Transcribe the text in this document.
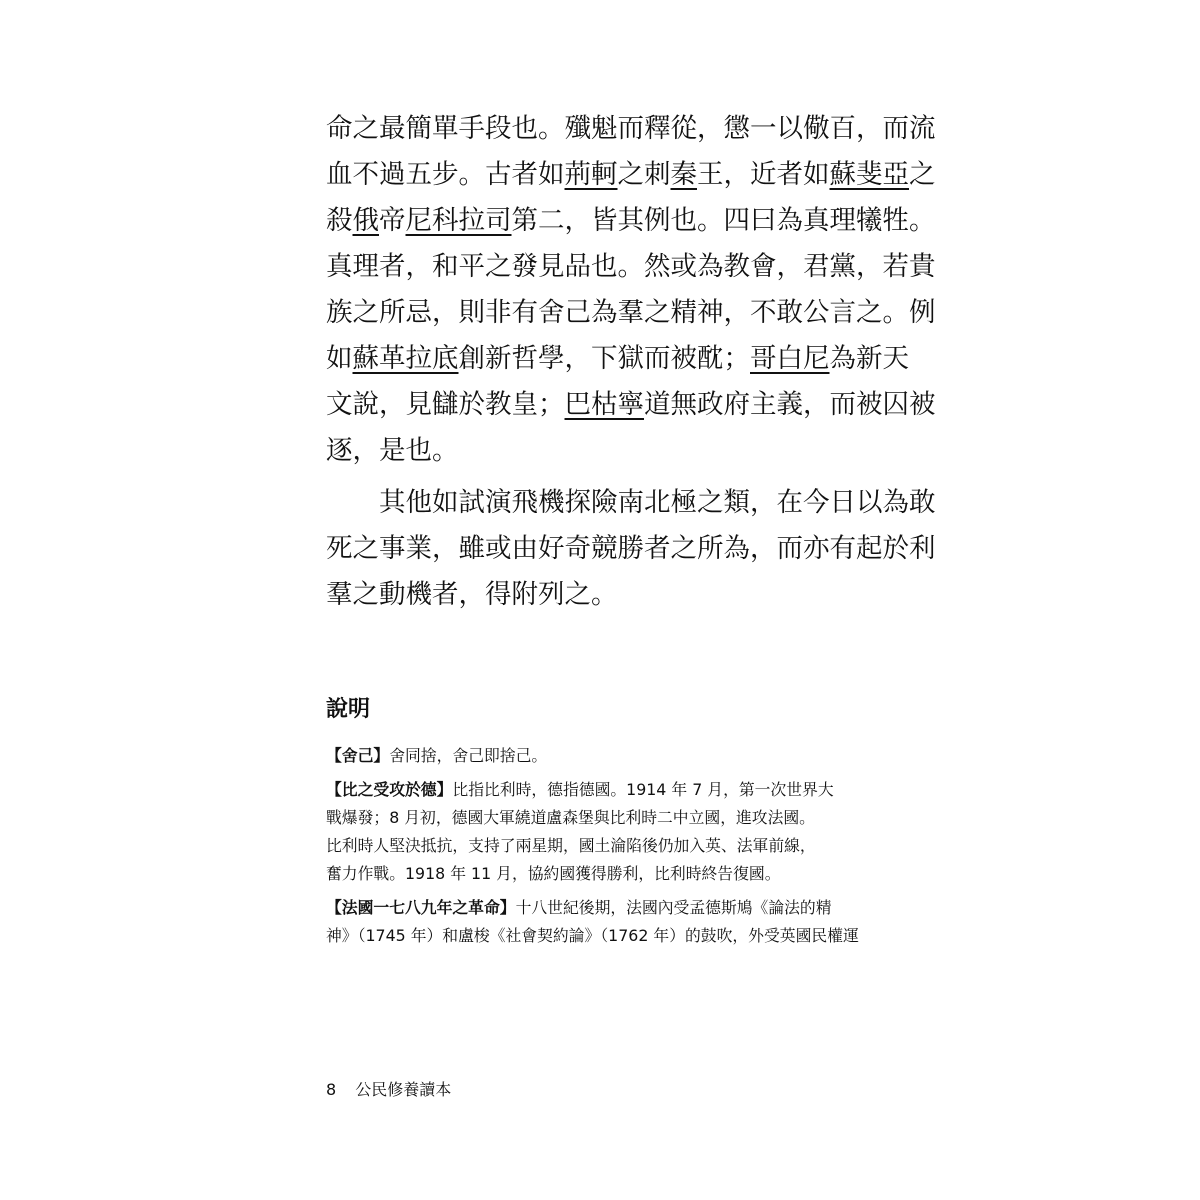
命之最簡單手段也。殲魁而釋從，懲一以儆百，而流
血不過五步。古者如荊軻之刺秦王，近者如蘇斐亞之
殺俄帝尼科拉司第二，皆其例也。四曰為真理犧牲。
真理者，和平之發見品也。然或為教會，君黨，若貴
族之所忌，則非有舍己為羣之精神，不敢公言之。例
如蘇革拉底創新哲學，下獄而被酖；哥白尼為新天
文說，見讎於教皇；巴枯寧道無政府主義，而被囚被
逐，是也。
　　其他如試演飛機探險南北極之類，在今日以為敢
死之事業，雖或由好奇競勝者之所為，而亦有起於利
羣之動機者，得附列之。
說明
【舍己】舍同捨，舍己即捨己。
【比之受攻於德】比指比利時，德指德國。1914 年 7 月，第一次世界大
戰爆發；8 月初，德國大軍繞道盧森堡與比利時二中立國，進攻法國。
比利時人堅決抵抗，支持了兩星期，國土淪陷後仍加入英、法軍前線，
奮力作戰。1918 年 11 月，協約國獲得勝利，比利時終告復國。
【法國一七八九年之革命】十八世紀後期，法國內受孟德斯鳩《論法的精
神》（1745 年）和盧梭《社會契約論》（1762 年）的鼓吹，外受英國民權運
8 公民修養讀本
